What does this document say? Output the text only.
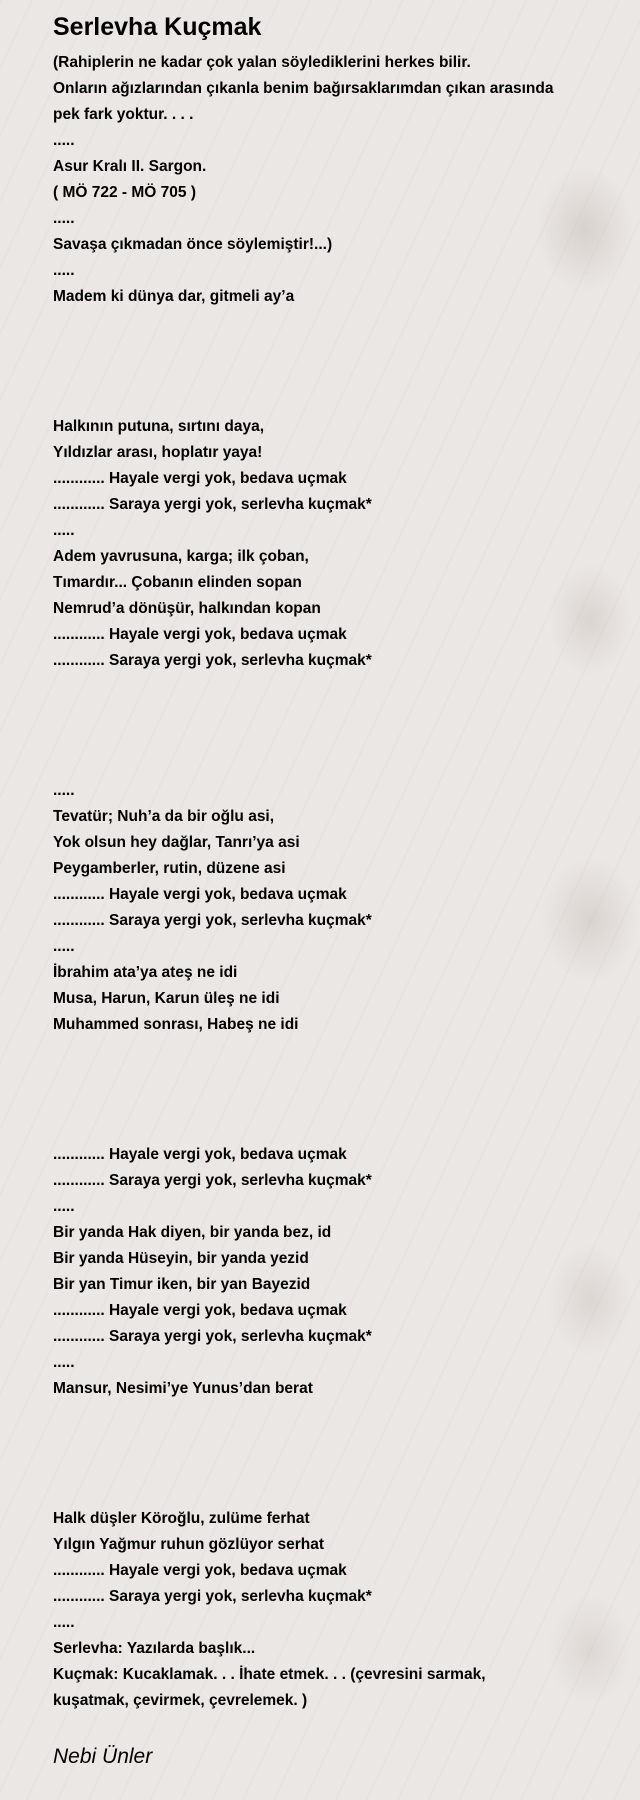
Serlevha Kuçmak
(Rahiplerin ne kadar çok yalan söylediklerini herkes bilir.
Onların ağızlarından çıkanla benim bağırsaklarımdan çıkan arasında
pek fark yoktur. . . .
.....
Asur Kralı II. Sargon.
( MÖ 722 - MÖ 705 )
.....
Savaşa çıkmadan önce söylemiştir!...)
.....
Madem ki dünya dar, gitmeli ay’a
Halkının putuna, sırtını daya,
Yıldızlar arası, hoplatır yaya!
............ Hayale vergi yok, bedava uçmak
............ Saraya yergi yok, serlevha kuçmak*
.....
Adem yavrusuna, karga; ilk çoban,
Tımardır... Çobanın elinden sopan
Nemrud’a dönüşür, halkından kopan
............ Hayale vergi yok, bedava uçmak
............ Saraya yergi yok, serlevha kuçmak*
.....
Tevatür; Nuh’a da bir oğlu asi,
Yok olsun hey dağlar, Tanrı’ya asi
Peygamberler, rutin, düzene asi
............ Hayale vergi yok, bedava uçmak
............ Saraya yergi yok, serlevha kuçmak*
.....
İbrahim ata’ya ateş ne idi
Musa, Harun, Karun üleş ne idi
Muhammed sonrası, Habeş ne idi
............ Hayale vergi yok, bedava uçmak
............ Saraya yergi yok, serlevha kuçmak*
.....
Bir yanda Hak diyen, bir yanda bez, id
Bir yanda Hüseyin, bir yanda yezid
Bir yan Timur iken, bir yan Bayezid
............ Hayale vergi yok, bedava uçmak
............ Saraya yergi yok, serlevha kuçmak*
.....
Mansur, Nesimi’ye Yunus’dan berat
Halk düşler Köroğlu, zulüme ferhat
Yılgın Yağmur ruhun gözlüyor serhat
............ Hayale vergi yok, bedava uçmak
............ Saraya yergi yok, serlevha kuçmak*
.....
Serlevha: Yazılarda başlık...
Kuçmak: Kucaklamak. . . İhate etmek. . . (çevresini sarmak,
kuşatmak, çevirmek, çevrelemek. )
Nebi Ünler
